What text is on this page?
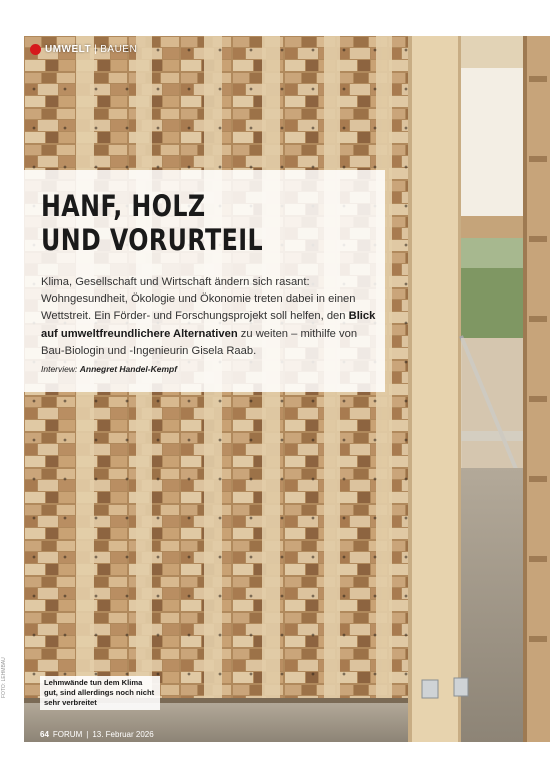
UMWELT | BAUEN
HANF, HOLZ
UND VORURTEIL

Klima, Gesellschaft und Wirtschaft ändern sich rasant: Wohngesundheit, Ökologie und Ökonomie treten dabei in einen Wettstreit. Ein Förder- und Forschungsprojekt soll helfen, den Blick auf umweltfreundlichere Alternativen zu weiten – mithilfe von Bau-Biologin und -Ingenieurin Gisela Raab.

Interview: Annegret Handel-Kempf

Lehmwände tun dem Klima gut, sind allerdings noch nicht sehr verbreitet
FOTO: LEHMBAU
64 FORUM | 13. Februar 2026
